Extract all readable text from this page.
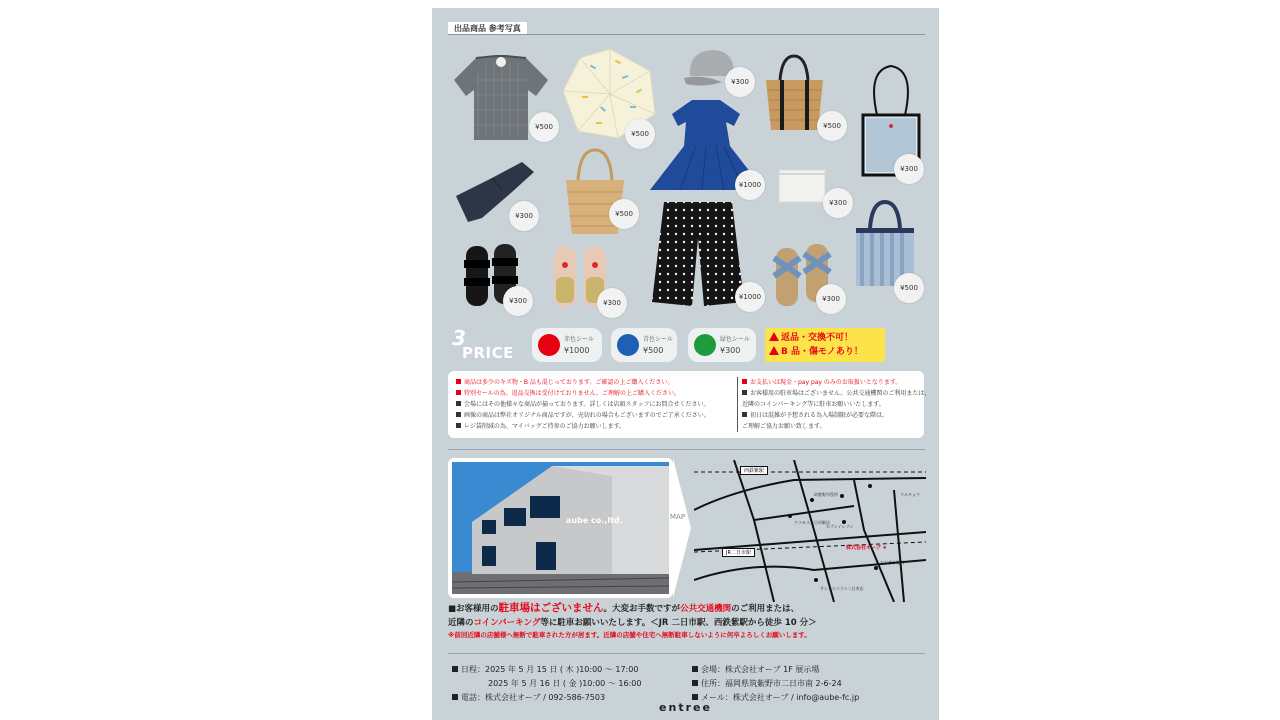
出品商品 参考写真
¥500
¥500
¥300
¥500
¥300
¥1000
¥300	¥500
¥300
¥300	¥300
¥1000	¥300
¥500
3
PRICE
赤色シール
¥1000
青色シール
¥500
緑色シール
¥300
返品・交換不可！
B 品・傷モノあり！
商品は多少のキズ物・B 品も混じっております。ご確認の上ご購入ください。
特別セールの為、返品交換は受付けておりません。ご理解の上ご購入ください。
会場にはその他様々な商品が揃っております。詳しくは店頭スタッフにお問合せください。
画像の商品は弊社オリジナル商品ですが、売切れの場合もございますのでご了承ください。
レジ袋削減の為、マイバッグご持参のご協力お願いします。
お支払いは現金・pay pay のみのお取扱いとなります。
お客様用の駐車場はございません。公共交通機関のご利用または、
近隣のコインパーキング等に駐車お願いいたします。
初日は混雑が予想される為入場制限が必要な際は、
ご理解ご協力お願い致します。
aube co.,ltd.	MAP
西鉄紫駅
JR二日市駅
株式会社オーブ ★
筑紫野市役所	マルキョウ
クスモス二日市駅店
セブンイレブン
おおぎ小児科
サンクスパラス二日市店
■お客様用の駐車場はございません。大変お手数ですが公共交通機関のご利用または、
近隣のコインパーキング等に駐車お願いいたします。＜JR 二日市駅、西鉄紫駅から徒歩 10 分＞
※前回近隣の店舗様へ無断で駐車された方が居ます。近隣の店舗や住宅へ無断駐車しないように何卒よろしくお願いします。
日程：2025 年 5 月 15 日 ( 木 )10:00 〜 17:00
2025 年 5 月 16 日 ( 金 )10:00 〜 16:00
電話：株式会社オーブ / 092-586-7503
会場：株式会社オーブ 1F 展示場
住所：福岡県筑紫野市二日市南 2-6-24
メール：株式会社オーブ / info@aube-fc.jp
entree
